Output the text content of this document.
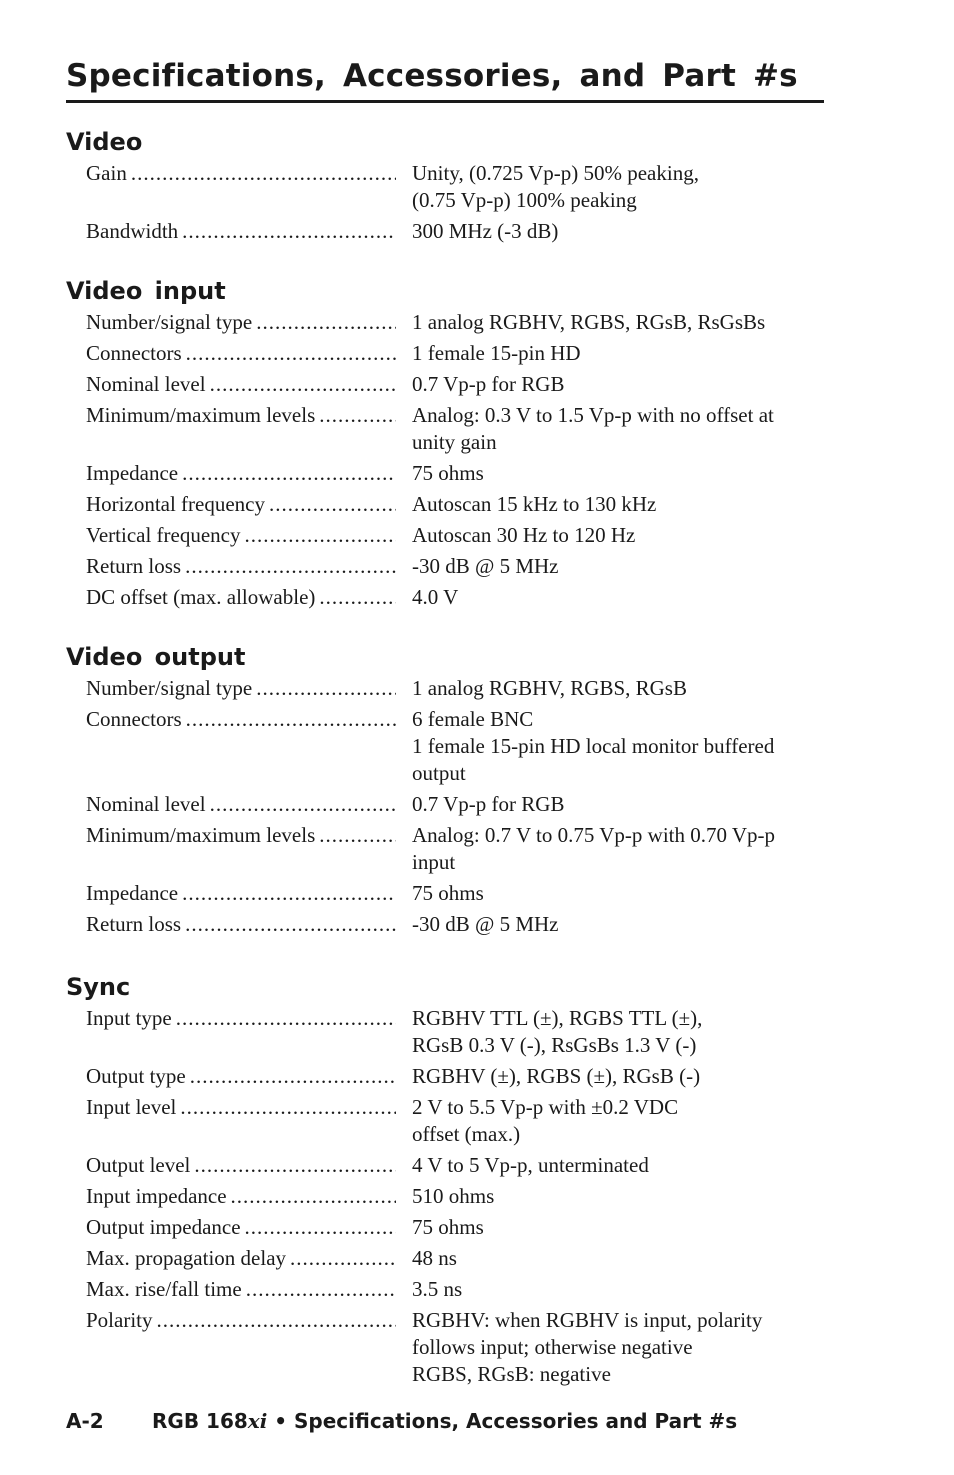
Specifications, Accessories, and Part #s
Video
Gain .....	Unity, (0.725 Vp-p) 50% peaking,
(0.75 Vp-p) 100% peaking
Bandwidth .....	300 MHz (-3 dB)
Video input
Number/signal type .....	1 analog RGBHV, RGBS, RGsB, RsGsBs
Connectors .....	1 female 15-pin HD
Nominal level .....	0.7 Vp-p for RGB
Minimum/maximum levels .....	Analog: 0.3 V to 1.5 Vp-p with no offset at
unity gain
Impedance .....	75 ohms
Horizontal frequency .....	Autoscan 15 kHz to 130 kHz
Vertical frequency .....	Autoscan 30 Hz to 120 Hz
Return loss .....	-30 dB @ 5 MHz
DC offset (max. allowable) .....	4.0 V
Video output
Number/signal type .....	1 analog RGBHV, RGBS, RGsB
Connectors .....	6 female BNC
1 female 15-pin HD local monitor buffered
output
Nominal level .....	0.7 Vp-p for RGB
Minimum/maximum levels .....	Analog: 0.7 V to 0.75 Vp-p with 0.70 Vp-p
input
Impedance .....	75 ohms
Return loss .....	-30 dB @ 5 MHz
Sync
Input type .....	RGBHV TTL (±), RGBS TTL (±),
RGsB 0.3 V (-), RsGsBs 1.3 V (-)
Output type .....	RGBHV (±), RGBS (±), RGsB (-)
Input level .....	2 V to 5.5 Vp-p with ±0.2 VDC
offset (max.)
Output level .....	4 V to 5 Vp-p, unterminated
Input impedance .....	510 ohms
Output impedance .....	75 ohms
Max. propagation delay .....	48 ns
Max. rise/fall time .....	3.5 ns
Polarity .....	RGBHV: when RGBHV is input, polarity
follows input; otherwise negative
RGBS, RGsB: negative
A-2 RGB 168xi • Specifications, Accessories and Part #s
